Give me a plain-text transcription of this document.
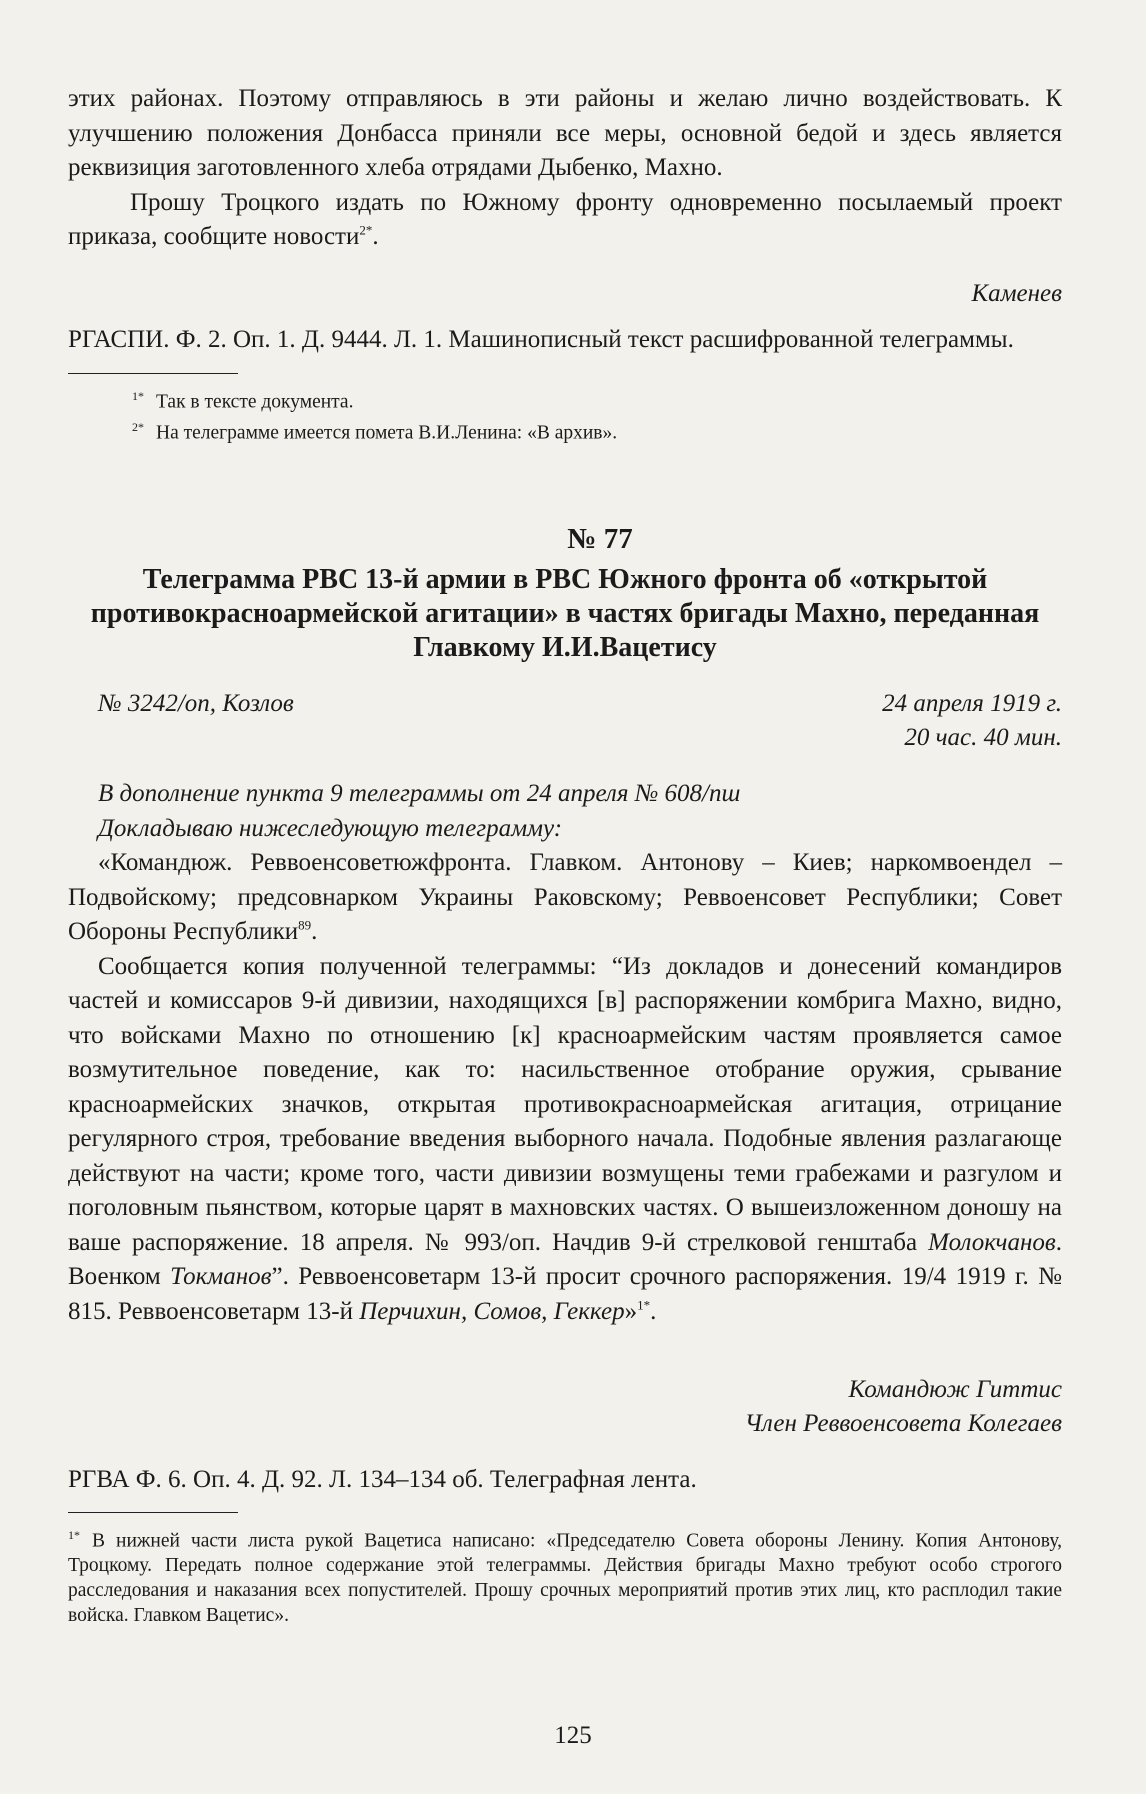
этих районах. Поэтому отправляюсь в эти районы и желаю лично воздействовать. К улучшению положения Донбасса приняли все меры, основной бедой и здесь является реквизиция заготовленного хлеба отрядами Дыбенко, Махно.

Прошу Троцкого издать по Южному фронту одновременно посылаемый проект приказа, сообщите новости$^{2*}$.

Каменев

РГАСПИ. Ф. 2. Оп. 1. Д. 9444. Л. 1. Машинописный текст расшифрованной телеграммы.

$^{1*}$ Так в тексте документа.

$^{2*}$ На телеграмме имеется помета В.И.Ленина: «В архив».

№ 77

Телеграмма РВС 13-й армии в РВС Южного фронта об «открытой противокрасноармейской агитации» в частях бригады Махно, переданная Главкому И.И.Вацетису

№ 3242/оп, Козлов	24 апреля 1919 г.
20 час. 40 мин.

В дополнение пункта 9 телеграммы от 24 апреля № 608/пш

Докладываю нижеследующую телеграмму:

«Командюж. Реввоенсоветюжфронта. Главком. Антонову – Киев; наркомвоендел – Подвойскому; предсовнарком Украины Раковскому; Реввоенсовет Республики; Совет Обороны Республики$^{89}$.

Сообщается копия полученной телеграммы: “Из докладов и донесений командиров частей и комиссаров 9-й дивизии, находящихся [в] распоряжении комбрига Махно, видно, что войсками Махно по отношению [к] красноармейским частям проявляется самое возмутительное поведение, как то: насильственное отобрание оружия, срывание красноармейских значков, открытая противокрасноармейская агитация, отрицание регулярного строя, требование введения выборного начала. Подобные явления разлагающе действуют на части; кроме того, части дивизии возмущены теми грабежами и разгулом и поголовным пьянством, которые царят в махновских частях. О вышеизложенном доношу на ваше распоряжение. 18 апреля. № 993/оп. Начдив 9-й стрелковой генштаба Молокчанов. Военком Токманов”. Реввоенсоветарм 13-й просит срочного распоряжения. 19/4 1919 г. № 815. Реввоенсоветарм 13-й Перчихин, Сомов, Геккер»$^{1*}$.

Командюж Гиттис

Член Реввоенсовета Колегаев

РГВА Ф. 6. Оп. 4. Д. 92. Л. 134–134 об. Телеграфная лента.

$^{1*}$ В нижней части листа рукой Вацетиса написано: «Председателю Совета обороны Ленину. Копия Антонову, Троцкому. Передать полное содержание этой телеграммы. Действия бригады Махно требуют особо строгого расследования и наказания всех попустителей. Прошу срочных мероприятий против этих лиц, кто расплодил такие войска. Главком Вацетис».

125
